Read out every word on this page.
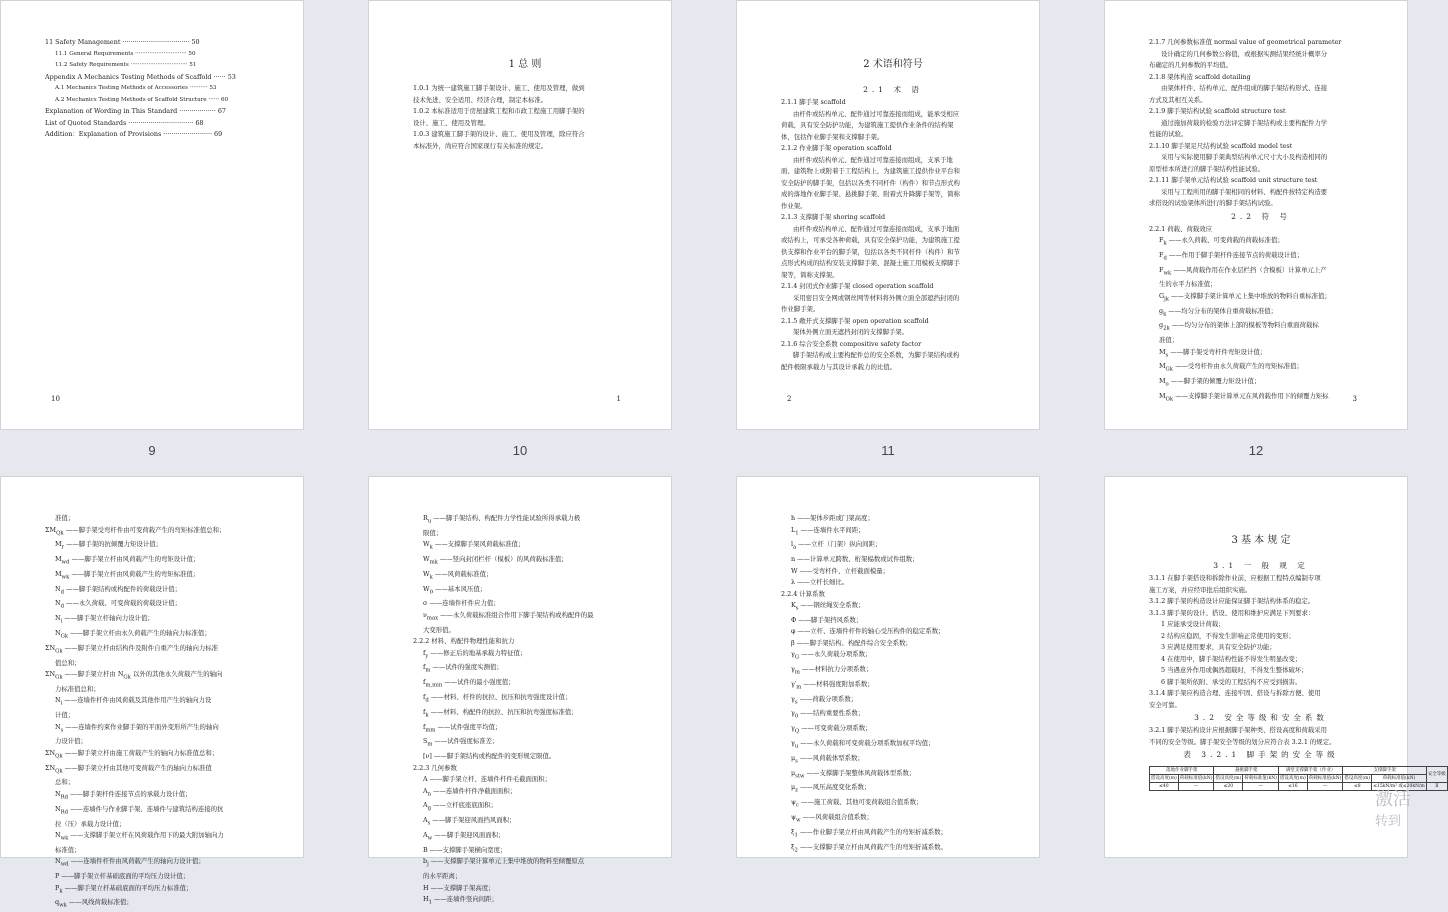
11 Safety Management ································· 50
11.1 General Requirements ····························· 50
11.2 Safety Requirements ································ 51
Appendix A Mechanics Testing Methods of Scaffold ······ 53
A.1 Mechanics Testing Methods of Accessories ·········· 53
A.2 Mechanics Testing Methods of Scaffold Structure ······ 60
Explanation of Wording in This Standard ·················· 67
List of Quoted Standards ································ 68
Addition：Explanation of Provisions ························ 69
10
9
1 总 则
1.0.1 为统一建筑施工脚手架设计、施工、使用及管理，做到
技术先进、安全适用、经济合理，制定本标准。
1.0.2 本标准适用于房屋建筑工程和市政工程施工用脚手架的
设计、施工、使用及管理。
1.0.3 建筑施工脚手架的设计、施工、使用及管理，除应符合
本标准外，尚应符合国家现行有关标准的规定。
1
10
2 术语和符号
2.1 术 语
2.1.1 脚手架 scaffold
由杆件或结构单元、配件通过可靠连接而组成，能承受相应
荷载，具有安全防护功能，为建筑施工提供作业条件的结构架
体，包括作业脚手架和支撑脚手架。
2.1.2 作业脚手架 operation scaffold
由杆件或结构单元、配件通过可靠连接而组成，支承于地
面、建筑物上或附着于工程结构上，为建筑施工提供作业平台和
安全防护的脚手架，包括以各类不同杆件（构件）和节点形式构
成的落地作业脚手架、悬挑脚手架、附着式升降脚手架等，简称
作业架。
2.1.3 支撑脚手架 shoring scaffold
由杆件或结构单元、配件通过可靠连接而组成，支承于地面
或结构上，可承受各种荷载，具有安全保护功能，为建筑施工提
供支撑和作业平台的脚手架，包括以各类不同杆件（构件）和节
点形式构成的结构安装支撑脚手架、混凝土施工用模板支撑脚手
架等，简称支撑架。
2.1.4 封闭式作业脚手架 closed operation scaffold
采用密目安全网或钢丝网等材料将外侧立面全部遮挡封闭的
作业脚手架。
2.1.5 敞开式支撑脚手架 open operation scaffold
架体外侧立面无遮挡封闭的支撑脚手架。
2.1.6 综合安全系数 compositive safety factor
脚手架结构或主要构配件总的安全系数，为脚手架结构或构
配件极限承载力与其设计承载力的比值。
2
11
2.1.7 几何参数标准值 normal value of geometrical parameter
设计确定的几何参数公称值，或根据实测结果经统计概率分
布确定的几何参数的平均值。
2.1.8 架体构造 scaffold detailing
由架体杆件、结构单元、配件组成的脚手架结构形式、连接
方式及其相互关系。
2.1.9 脚手架结构试验 scaffold structure test
通过施加荷载的检验方法评定脚手架结构或主要构配件力学
性能的试验。
2.1.10 脚手架足尺结构试验 scaffold model test
采用与实际使用脚手架典型结构单元尺寸大小及构造相同的
原型样本所进行的脚手架结构性能试验。
2.1.11 脚手架单元结构试验 scaffold unit structure test
采用与工程所用的脚手架相同的材料、构配件按特定构造要
求搭设的试验架体所进行的脚手架结构试验。
2.2 符 号
2.2.1 荷载、荷载效应
$F_k$ ——永久荷载、可变荷载的荷载标准值；
$F_d$ ——作用于脚手架杆件连接节点的荷载设计值；
$F_{wk}$ ——风荷载作用在作业层栏挡（含模板）计算单元上产
生的水平力标准值；
$G_{jk}$ ——支撑脚手架计算单元上集中堆放的物料自重标准值；
$g_k$ ——均匀分布的架体自重荷载标准值；
$g_{2k}$ ——均匀分布的架体上部的模板等物料自重面荷载标
准值；
$M_s$ ——脚手架受弯杆件弯矩设计值；
$M_{Gk}$ ——受弯杆件由永久荷载产生的弯矩标准值；
$M_o$ ——脚手架的倾覆力矩设计值；
$M_{Ok}$ ——支撑脚手架计算单元在风荷载作用下的倾覆力矩标	3
12
准值；
$\Sigma M_{Qk}$ ——脚手架受弯杆件由可变荷载产生的弯矩标准值总和；
$M_r$ ——脚手架的抗倾覆力矩设计值；
$M_{wd}$ ——脚手架立杆由风荷载产生的弯矩设计值；
$M_{wk}$ ——脚手架立杆由风荷载产生的弯矩标准值；
$N_d$ ——脚手架结构或构配件的荷载设计值；
$N_d$ ——永久荷载、可变荷载的荷载设计值；
$N_i$ ——脚手架立杆轴向力设计值；
$N_{Gk}$ ——脚手架立杆由永久荷载产生的轴向力标准值；
$\Sigma N_{Gk}$ ——脚手架立杆由结构件及附件自重产生的轴向力标准
值总和；
$\Sigma N_{Gk}$ ——脚手架立杆由 $N_{Gk}$ 以外的其他永久荷载产生的轴向
力标准值总和；
$N_i$ ——连墙件杆件由风荷载及其他作用产生的轴向力设
计值；
$N_s$ ——连墙件约束作业脚手架的平面外变形所产生的轴向
力设计值；
$\Sigma N_{Qk}$ ——脚手架立杆由施工荷载产生的轴向力标准值总和；
$\Sigma N_{Qk}$ ——脚手架立杆由其他可变荷载产生的轴向力标准值
总和；
$N_{Rd}$ ——脚手架杆件连接节点的承载力设计值；
$N_{Rd}$ ——连墙件与作业脚手架、连墙件与建筑结构连接的抗
拉（压）承载力设计值；
$N_{wk}$ ——支撑脚手架立杆在风荷载作用下的最大附加轴向力
标准值；
$N_{wd}$ ——连墙件杆件由风荷载产生的轴向力设计值；
P ——脚手架立杆基础底面的平均压力设计值；
$P_k$ ——脚手架立杆基础底面的平均压力标准值；
$q_{wk}$ ——风线荷载标准值；
$R_u$ ——脚手架结构、构配件力学性能试验所得承载力极
限值；
$W_k$ ——支撑脚手架风荷载标准值；
$W_{mk}$ ——竖向封闭栏杆（模板）的风荷载标准值；
$W_k$ ——风荷载标准值；
$W_0$ ——基本风压值；
σ ——连墙件杆件应力值；
$\nu_{max}$ ——永久荷载标准组合作用下脚手架结构或构配件的最
大变形值。
2.2.2 材料、构配件物理性能和抗力
$f_y$ ——修正后的地基承载力特征值；
$f_m$ ——试件的强度实测值；
$f_{m,min}$ ——试件的最小强度值；
$f_d$ ——材料、杆件的抗拉、抗压和抗弯强度设计值；
$f_k$ ——材料、构配件的抗拉、抗压和抗弯强度标准值；
$f_{mm}$ ——试件强度平均值；
$S_m$ ——试件强度标准差；
[ν] ——脚手架结构或构配件的变形规定限值。
2.2.3 几何参数
A ——脚手架立杆、连墙件杆件毛截面面积；
$A_n$ ——连墙件杆件净截面面积；
$A_g$ ——立杆底座底面积；
$A_s$ ——脚手架迎风面挡风面积；
$A_w$ ——脚手架迎风面面积；
B ——支撑脚手架横向宽度；
$b_j$ ——支撑脚手架计算单元上集中堆放的物料至倾覆原点
的水平距离；
H ——支撑脚手架高度；
$H_1$ ——连墙件竖向间距；
h ——架体步距或门架高度；
$L_1$ ——连墙件水平间距；
$l_a$ ——立杆（门架）纵向间距；
n ——计算单元跨数、桁架榀数或试件组数；
W ——受弯杆件、立杆截面模量；
λ ——立杆长细比。
2.2.4 计算系数
$K_s$ ——钢丝绳安全系数；
Φ ——脚手架挡风系数；
φ ——立杆、连墙件杆件的轴心受压构件的稳定系数；
β ——脚手架结构、构配件综合安全系数；
$\gamma_G$ ——永久荷载分项系数；
$\gamma_m$ ——材料抗力分项系数；
$\gamma'_m$ ——材料强度附加系数；
$\gamma_s$ ——荷载分项系数；
$\gamma_0$ ——结构重要性系数；
$\gamma_Q$ ——可变荷载分项系数；
$\gamma_u$ ——永久荷载和可变荷载分项系数加权平均值；
$\mu_s$ ——风荷载体型系数；
$\mu_{stw}$ ——支撑脚手架整体风荷载体型系数；
$\mu_z$ ——风压高度变化系数；
$\psi_c$ ——施工荷载、其他可变荷载组合值系数；
$\psi_w$ ——风荷载组合值系数；
$\xi_1$ ——作业脚手架立杆由风荷载产生的弯矩折减系数；
$\xi_2$ ——支撑脚手架立杆由风荷载产生的弯矩折减系数。
3 基 本 规 定
3.1 一 般 规 定
3.1.1 在脚手架搭设和拆除作业前，应根据工程特点编制专项
施工方案，并应经审批后组织实施。
3.1.2 脚手架的构造设计应能保证脚手架结构体系的稳定。
3.1.3 脚手架的设计、搭设、使用和维护应满足下列要求：
1 应能承受设计荷载；
2 结构应稳固，不得发生影响正常使用的变形；
3 应满足使用要求，具有安全防护功能；
4 在使用中，脚手架结构性能不得发生明显改变；
5 当遇意外作用或偶然超载时，不得发生整体破坏；
6 脚手架所依附、承受的工程结构不应受到损害。
3.1.4 脚手架应构造合理、连接牢固、搭设与拆除方便、使用
安全可靠。
3.2 安全等级和安全系数
3.2.1 脚手架结构设计应根据脚手架种类、搭设高度和荷载采用
不同的安全等级。脚手架安全等级的划分应符合表 3.2.1 的规定。
表 3.2.1 脚手架的安全等级
落地作业脚手架		悬挑脚手架		满堂支撑脚手架（作业）		支撑脚手架		安全等级
搭设高度(m)	荷载标准值(kN)	搭设高度(m)	荷载标准值(kN)	搭设高度(m)	荷载标准值(kN)	搭设高度(m)	荷载标准值(kN)	
≤40	—	≤20	—	≤16	—	≤8	≤15kN/m² 或≤20kN/m	Ⅱ
激活
转到
